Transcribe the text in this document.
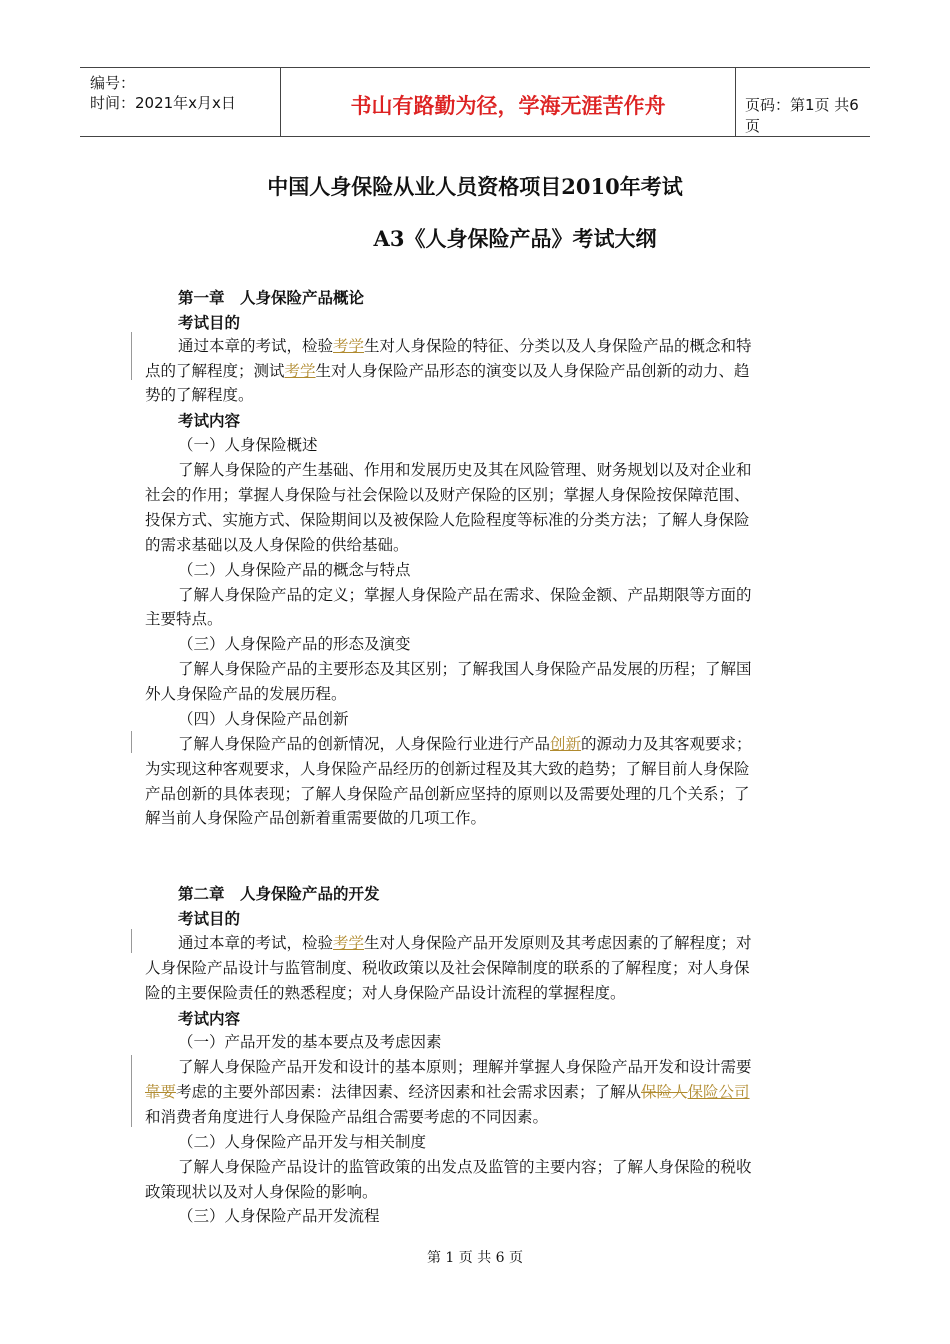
编号：
时间：2021年x月x日	书山有路勤为径，学海无涯苦作舟	页码：第1页 共6页
中国人身保险从业人员资格项目2010年考试
A3《人身保险产品》考试大纲
第一章　人身保险产品概论
考试目的
通过本章的考试，检验考学生对人身保险的特征、分类以及人身保险产品的概念和特
点的了解程度；测试考学生对人身保险产品形态的演变以及人身保险产品创新的动力、趋
势的了解程度。
考试内容
（一）人身保险概述
了解人身保险的产生基础、作用和发展历史及其在风险管理、财务规划以及对企业和
社会的作用；掌握人身保险与社会保险以及财产保险的区别；掌握人身保险按保障范围、
投保方式、实施方式、保险期间以及被保险人危险程度等标准的分类方法；了解人身保险
的需求基础以及人身保险的供给基础。
（二）人身保险产品的概念与特点
了解人身保险产品的定义；掌握人身保险产品在需求、保险金额、产品期限等方面的
主要特点。
（三）人身保险产品的形态及演变
了解人身保险产品的主要形态及其区别；了解我国人身保险产品发展的历程；了解国
外人身保险产品的发展历程。
（四）人身保险产品创新
了解人身保险产品的创新情况，人身保险行业进行产品创新的源动力及其客观要求；
为实现这种客观要求，人身保险产品经历的创新过程及其大致的趋势；了解目前人身保险
产品创新的具体表现；了解人身保险产品创新应坚持的原则以及需要处理的几个关系；了
解当前人身保险产品创新着重需要做的几项工作。
第二章　人身保险产品的开发
考试目的
通过本章的考试，检验考学生对人身保险产品开发原则及其考虑因素的了解程度；对
人身保险产品设计与监管制度、税收政策以及社会保障制度的联系的了解程度；对人身保
险的主要保险责任的熟悉程度；对人身保险产品设计流程的掌握程度。
考试内容
（一）产品开发的基本要点及考虑因素
了解人身保险产品开发和设计的基本原则；理解并掌握人身保险产品开发和设计需要
靠要考虑的主要外部因素：法律因素、经济因素和社会需求因素；了解从保险人保险公司
和消费者角度进行人身保险产品组合需要考虑的不同因素。
（二）人身保险产品开发与相关制度
了解人身保险产品设计的监管政策的出发点及监管的主要内容；了解人身保险的税收
政策现状以及对人身保险的影响。
（三）人身保险产品开发流程
第 1 页 共 6 页
